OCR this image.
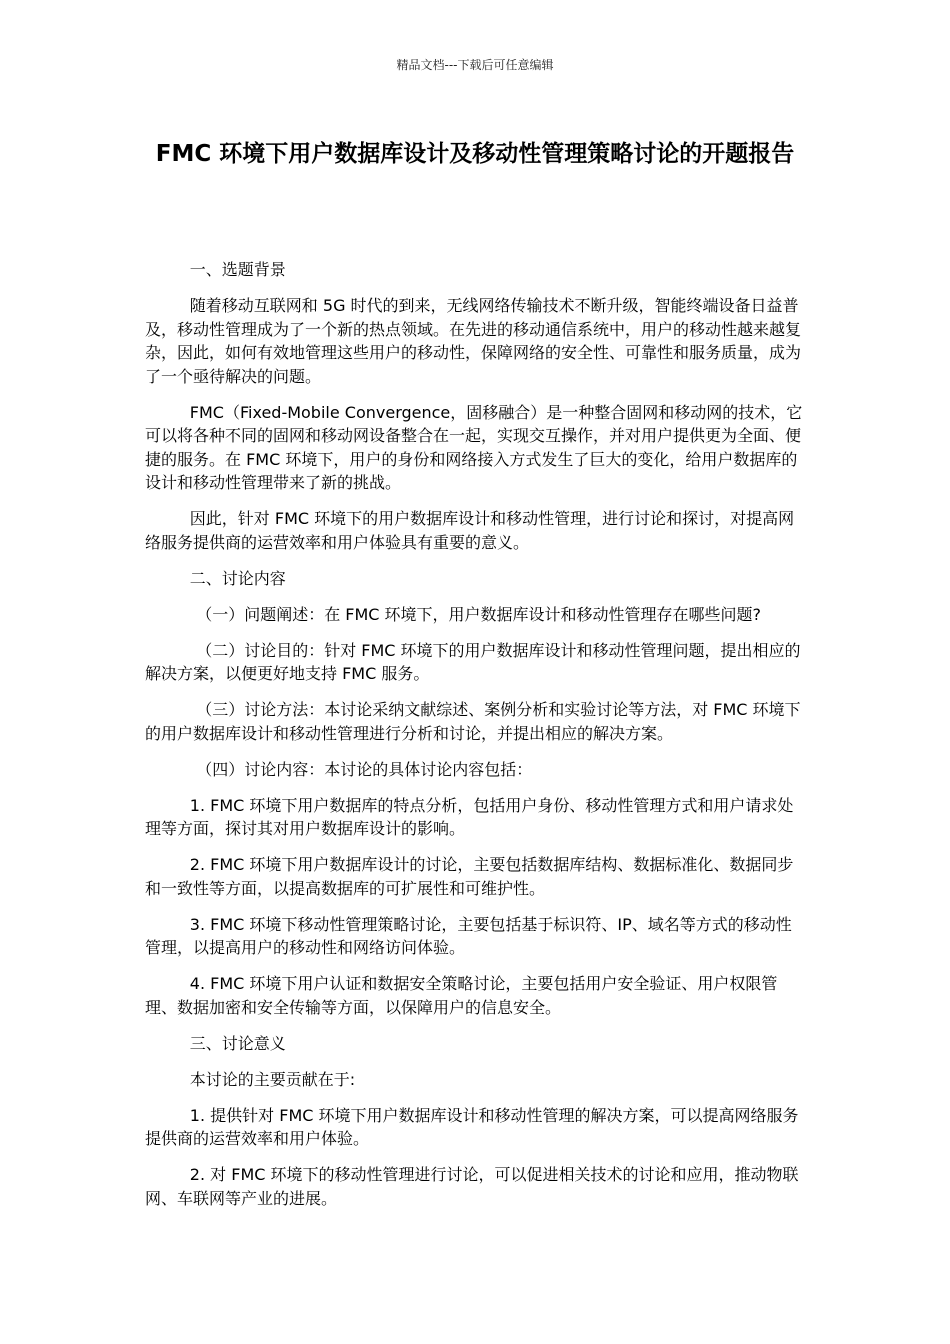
精品文档---下载后可任意编辑
FMC 环境下用户数据库设计及移动性管理策略讨论的开题报告

一、选题背景

随着移动互联网和 5G 时代的到来，无线网络传输技术不断升级，智能终端设备日益普及，移动性管理成为了一个新的热点领域。在先进的移动通信系统中，用户的移动性越来越复杂，因此，如何有效地管理这些用户的移动性，保障网络的安全性、可靠性和服务质量，成为了一个亟待解决的问题。

FMC（Fixed-Mobile Convergence，固移融合）是一种整合固网和移动网的技术，它可以将各种不同的固网和移动网设备整合在一起，实现交互操作，并对用户提供更为全面、便捷的服务。在 FMC 环境下，用户的身份和网络接入方式发生了巨大的变化，给用户数据库的设计和移动性管理带来了新的挑战。

因此，针对 FMC 环境下的用户数据库设计和移动性管理，进行讨论和探讨，对提高网络服务提供商的运营效率和用户体验具有重要的意义。

二、讨论内容

（一）问题阐述：在 FMC 环境下，用户数据库设计和移动性管理存在哪些问题?

（二）讨论目的：针对 FMC 环境下的用户数据库设计和移动性管理问题，提出相应的解决方案，以便更好地支持 FMC 服务。

（三）讨论方法：本讨论采纳文献综述、案例分析和实验讨论等方法，对 FMC 环境下的用户数据库设计和移动性管理进行分析和讨论，并提出相应的解决方案。

（四）讨论内容：本讨论的具体讨论内容包括：

1. FMC 环境下用户数据库的特点分析，包括用户身份、移动性管理方式和用户请求处理等方面，探讨其对用户数据库设计的影响。

2. FMC 环境下用户数据库设计的讨论，主要包括数据库结构、数据标准化、数据同步和一致性等方面，以提高数据库的可扩展性和可维护性。

3. FMC 环境下移动性管理策略讨论，主要包括基于标识符、IP、域名等方式的移动性管理，以提高用户的移动性和网络访问体验。

4. FMC 环境下用户认证和数据安全策略讨论，主要包括用户安全验证、用户权限管理、数据加密和安全传输等方面，以保障用户的信息安全。

三、讨论意义

本讨论的主要贡献在于:

1. 提供针对 FMC 环境下用户数据库设计和移动性管理的解决方案，可以提高网络服务提供商的运营效率和用户体验。

2. 对 FMC 环境下的移动性管理进行讨论，可以促进相关技术的讨论和应用，推动物联网、车联网等产业的进展。
